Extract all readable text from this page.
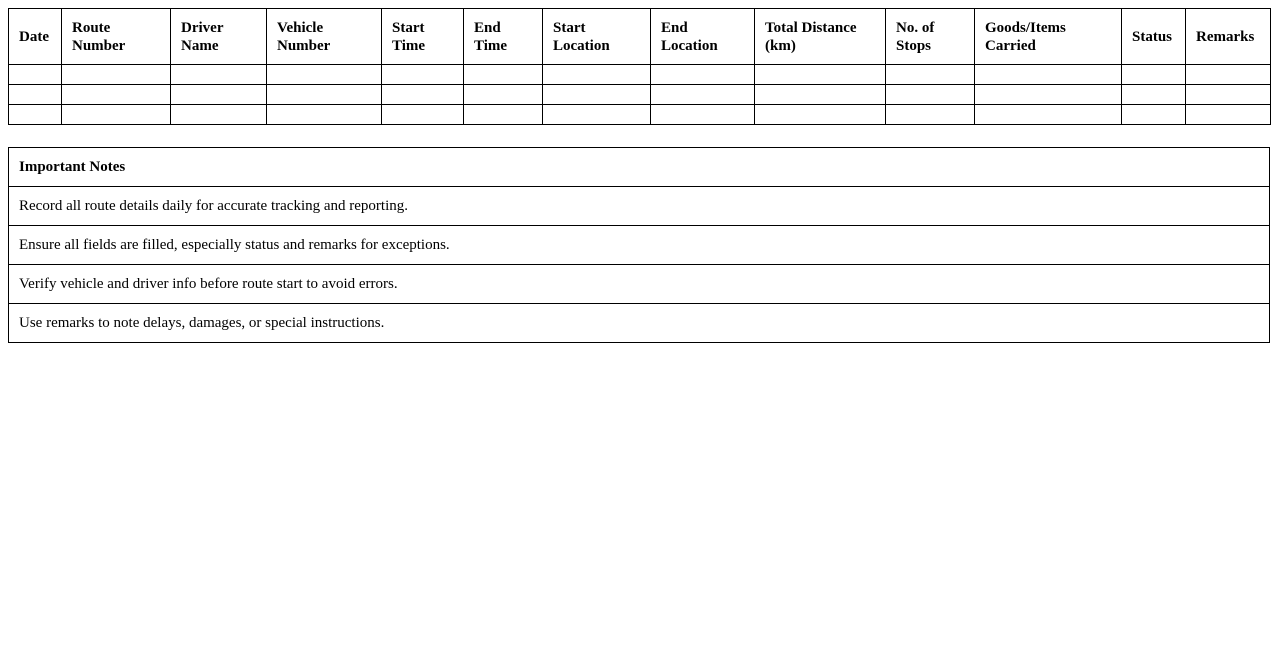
Date	Route Number	Driver Name	Vehicle Number	Start Time	End Time	Start Location	End Location	Total Distance (km)	No. of Stops	Goods/Items Carried	Status	Remarks

Important Notes
Record all route details daily for accurate tracking and reporting.
Ensure all fields are filled, especially status and remarks for exceptions.
Verify vehicle and driver info before route start to avoid errors.
Use remarks to note delays, damages, or special instructions.
